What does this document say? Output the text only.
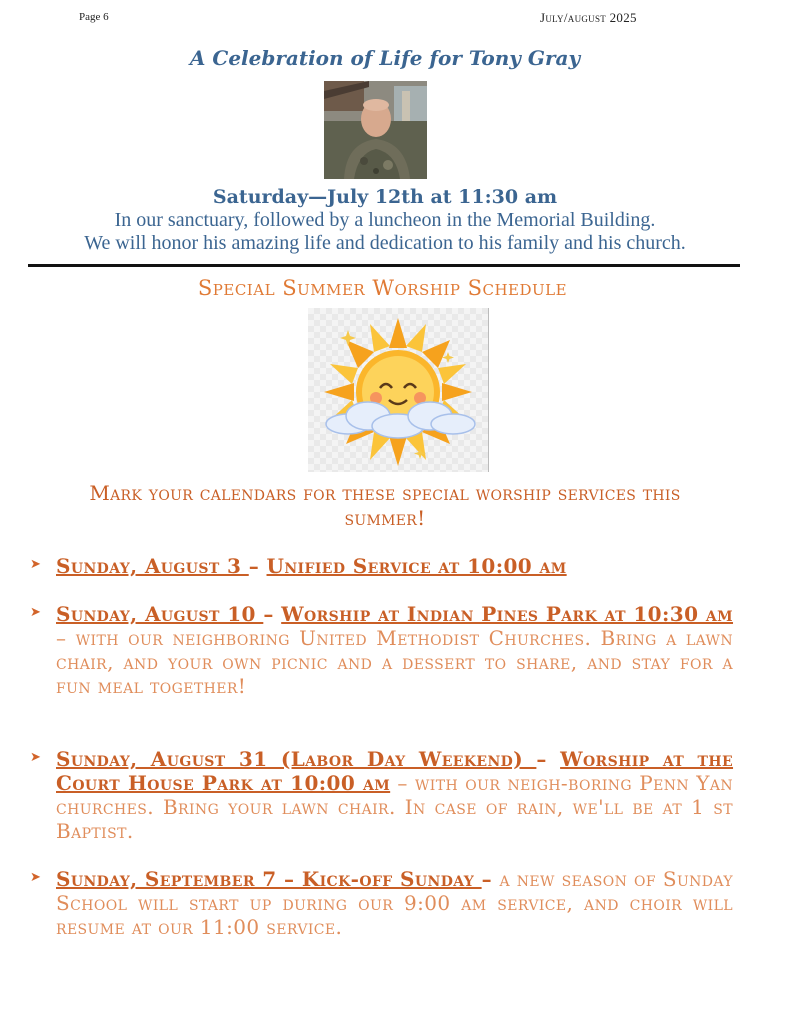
Page 6	July/august 2025
A Celebration of Life for Tony Gray
Saturday—July 12th at 11:30 am
In our sanctuary, followed by a luncheon in the Memorial Building.
We will honor his amazing life and dedication to his family and his church.
Special Summer Worship Schedule
Mark your calendars for these special worship services this summer!
➤ Sunday, August 3 – Unified Service at 10:00 am
➤ Sunday, August 10 – Worship at Indian Pines Park at 10:30 am – with our neighboring United Methodist Churches. Bring a lawn chair, and your own picnic and a dessert to share, and stay for a fun meal together!
➤ Sunday, August 31 (Labor Day Weekend) – Worship at the Court House Park at 10:00 am – with our neigh-boring Penn Yan churches. Bring your lawn chair. In case of rain, we'll be at 1 st Baptist.
➤ Sunday, September 7 – Kick-off Sunday – a new season of Sunday School will start up during our 9:00 am service, and choir will resume at our 11:00 service.
